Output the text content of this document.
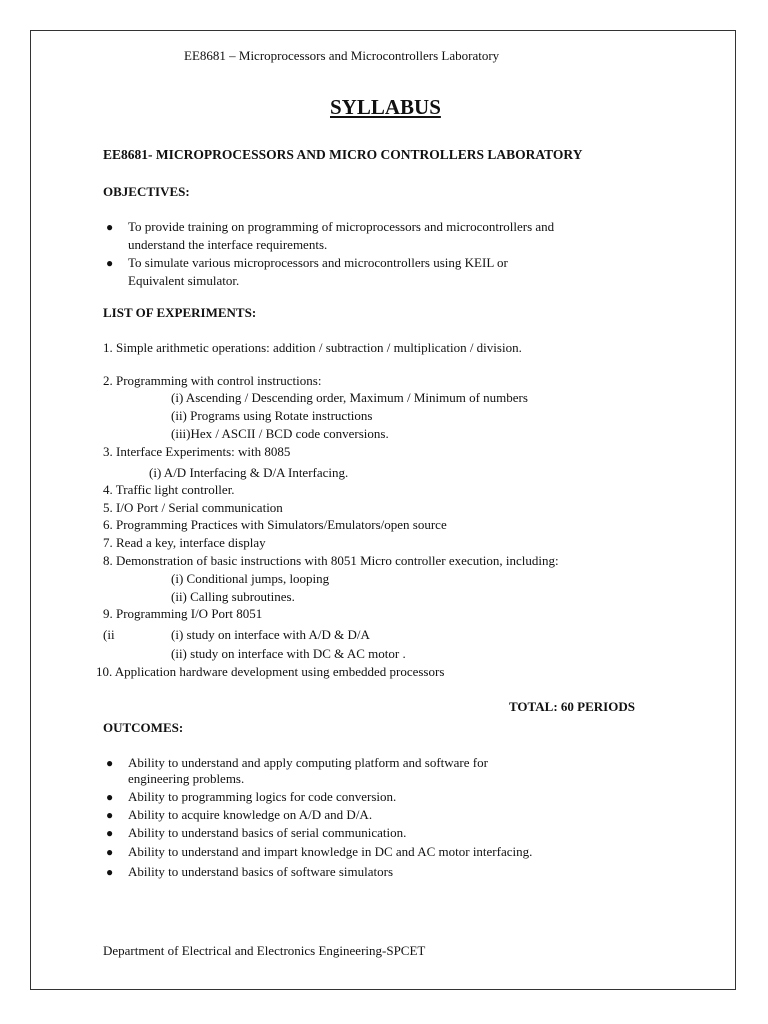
EE8681 – Microprocessors and Microcontrollers Laboratory
SYLLABUS
EE8681- MICROPROCESSORS AND MICRO CONTROLLERS LABORATORY
OBJECTIVES:
● To provide training on programming of microprocessors and microcontrollers and
understand the interface requirements.
● To simulate various microprocessors and microcontrollers using KEIL or
Equivalent simulator.
LIST OF EXPERIMENTS:
1. Simple arithmetic operations: addition / subtraction / multiplication / division.
2. Programming with control instructions:
(i) Ascending / Descending order, Maximum / Minimum of numbers
(ii) Programs using Rotate instructions
(iii)Hex / ASCII / BCD code conversions.
3. Interface Experiments: with 8085
(i) A/D Interfacing & D/A Interfacing.
4. Traffic light controller.
5. I/O Port / Serial communication
6. Programming Practices with Simulators/Emulators/open source
7. Read a key, interface display
8. Demonstration of basic instructions with 8051 Micro controller execution, including:
(i) Conditional jumps, looping
(ii) Calling subroutines.
9. Programming I/O Port 8051
(ii	(i) study on interface with A/D & D/A
(ii) study on interface with DC & AC motor .
10. Application hardware development using embedded processors
TOTAL: 60 PERIODS
OUTCOMES:
● Ability to understand and apply computing platform and software for
engineering problems.
● Ability to programming logics for code conversion.
● Ability to acquire knowledge on A/D and D/A.
● Ability to understand basics of serial communication.
● Ability to understand and impart knowledge in DC and AC motor interfacing.
● Ability to understand basics of software simulators
Department of Electrical and Electronics Engineering-SPCET
